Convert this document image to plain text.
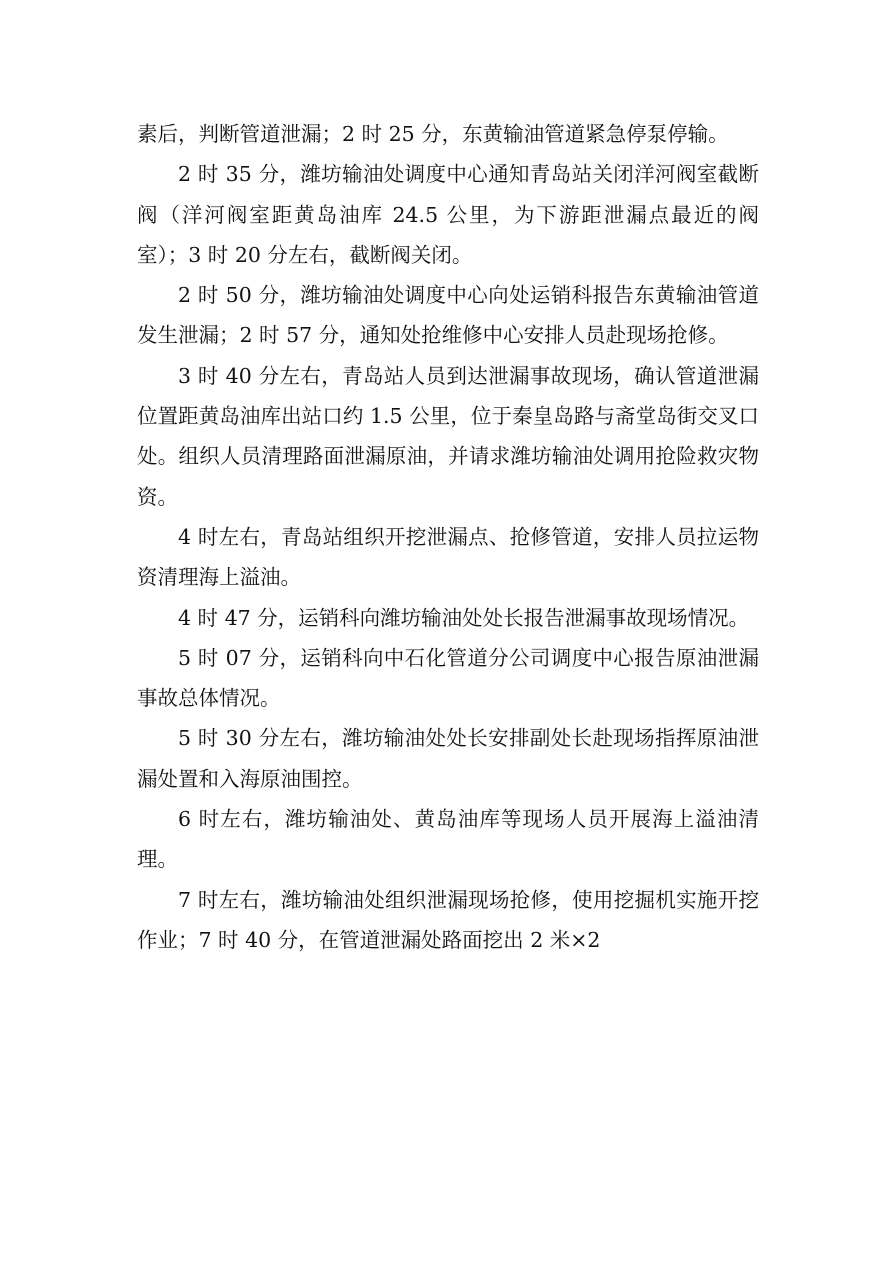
素后，判断管道泄漏；2 时 25 分，东黄输油管道紧急停泵停输。

2 时 35 分，潍坊输油处调度中心通知青岛站关闭洋河阀室截断阀（洋河阀室距黄岛油库 24.5 公里，为下游距泄漏点最近的阀室）；3 时 20 分左右，截断阀关闭。

2 时 50 分，潍坊输油处调度中心向处运销科报告东黄输油管道发生泄漏；2 时 57 分，通知处抢维修中心安排人员赴现场抢修。

3 时 40 分左右，青岛站人员到达泄漏事故现场，确认管道泄漏位置距黄岛油库出站口约 1.5 公里，位于秦皇岛路与斋堂岛街交叉口处。组织人员清理路面泄漏原油，并请求潍坊输油处调用抢险救灾物资。

4 时左右，青岛站组织开挖泄漏点、抢修管道，安排人员拉运物资清理海上溢油。

4 时 47 分，运销科向潍坊输油处处长报告泄漏事故现场情况。

5 时 07 分，运销科向中石化管道分公司调度中心报告原油泄漏事故总体情况。

5 时 30 分左右，潍坊输油处处长安排副处长赴现场指挥原油泄漏处置和入海原油围控。

6 时左右，潍坊输油处、黄岛油库等现场人员开展海上溢油清理。

7 时左右，潍坊输油处组织泄漏现场抢修，使用挖掘机实施开挖作业；7 时 40 分，在管道泄漏处路面挖出 2 米×2
